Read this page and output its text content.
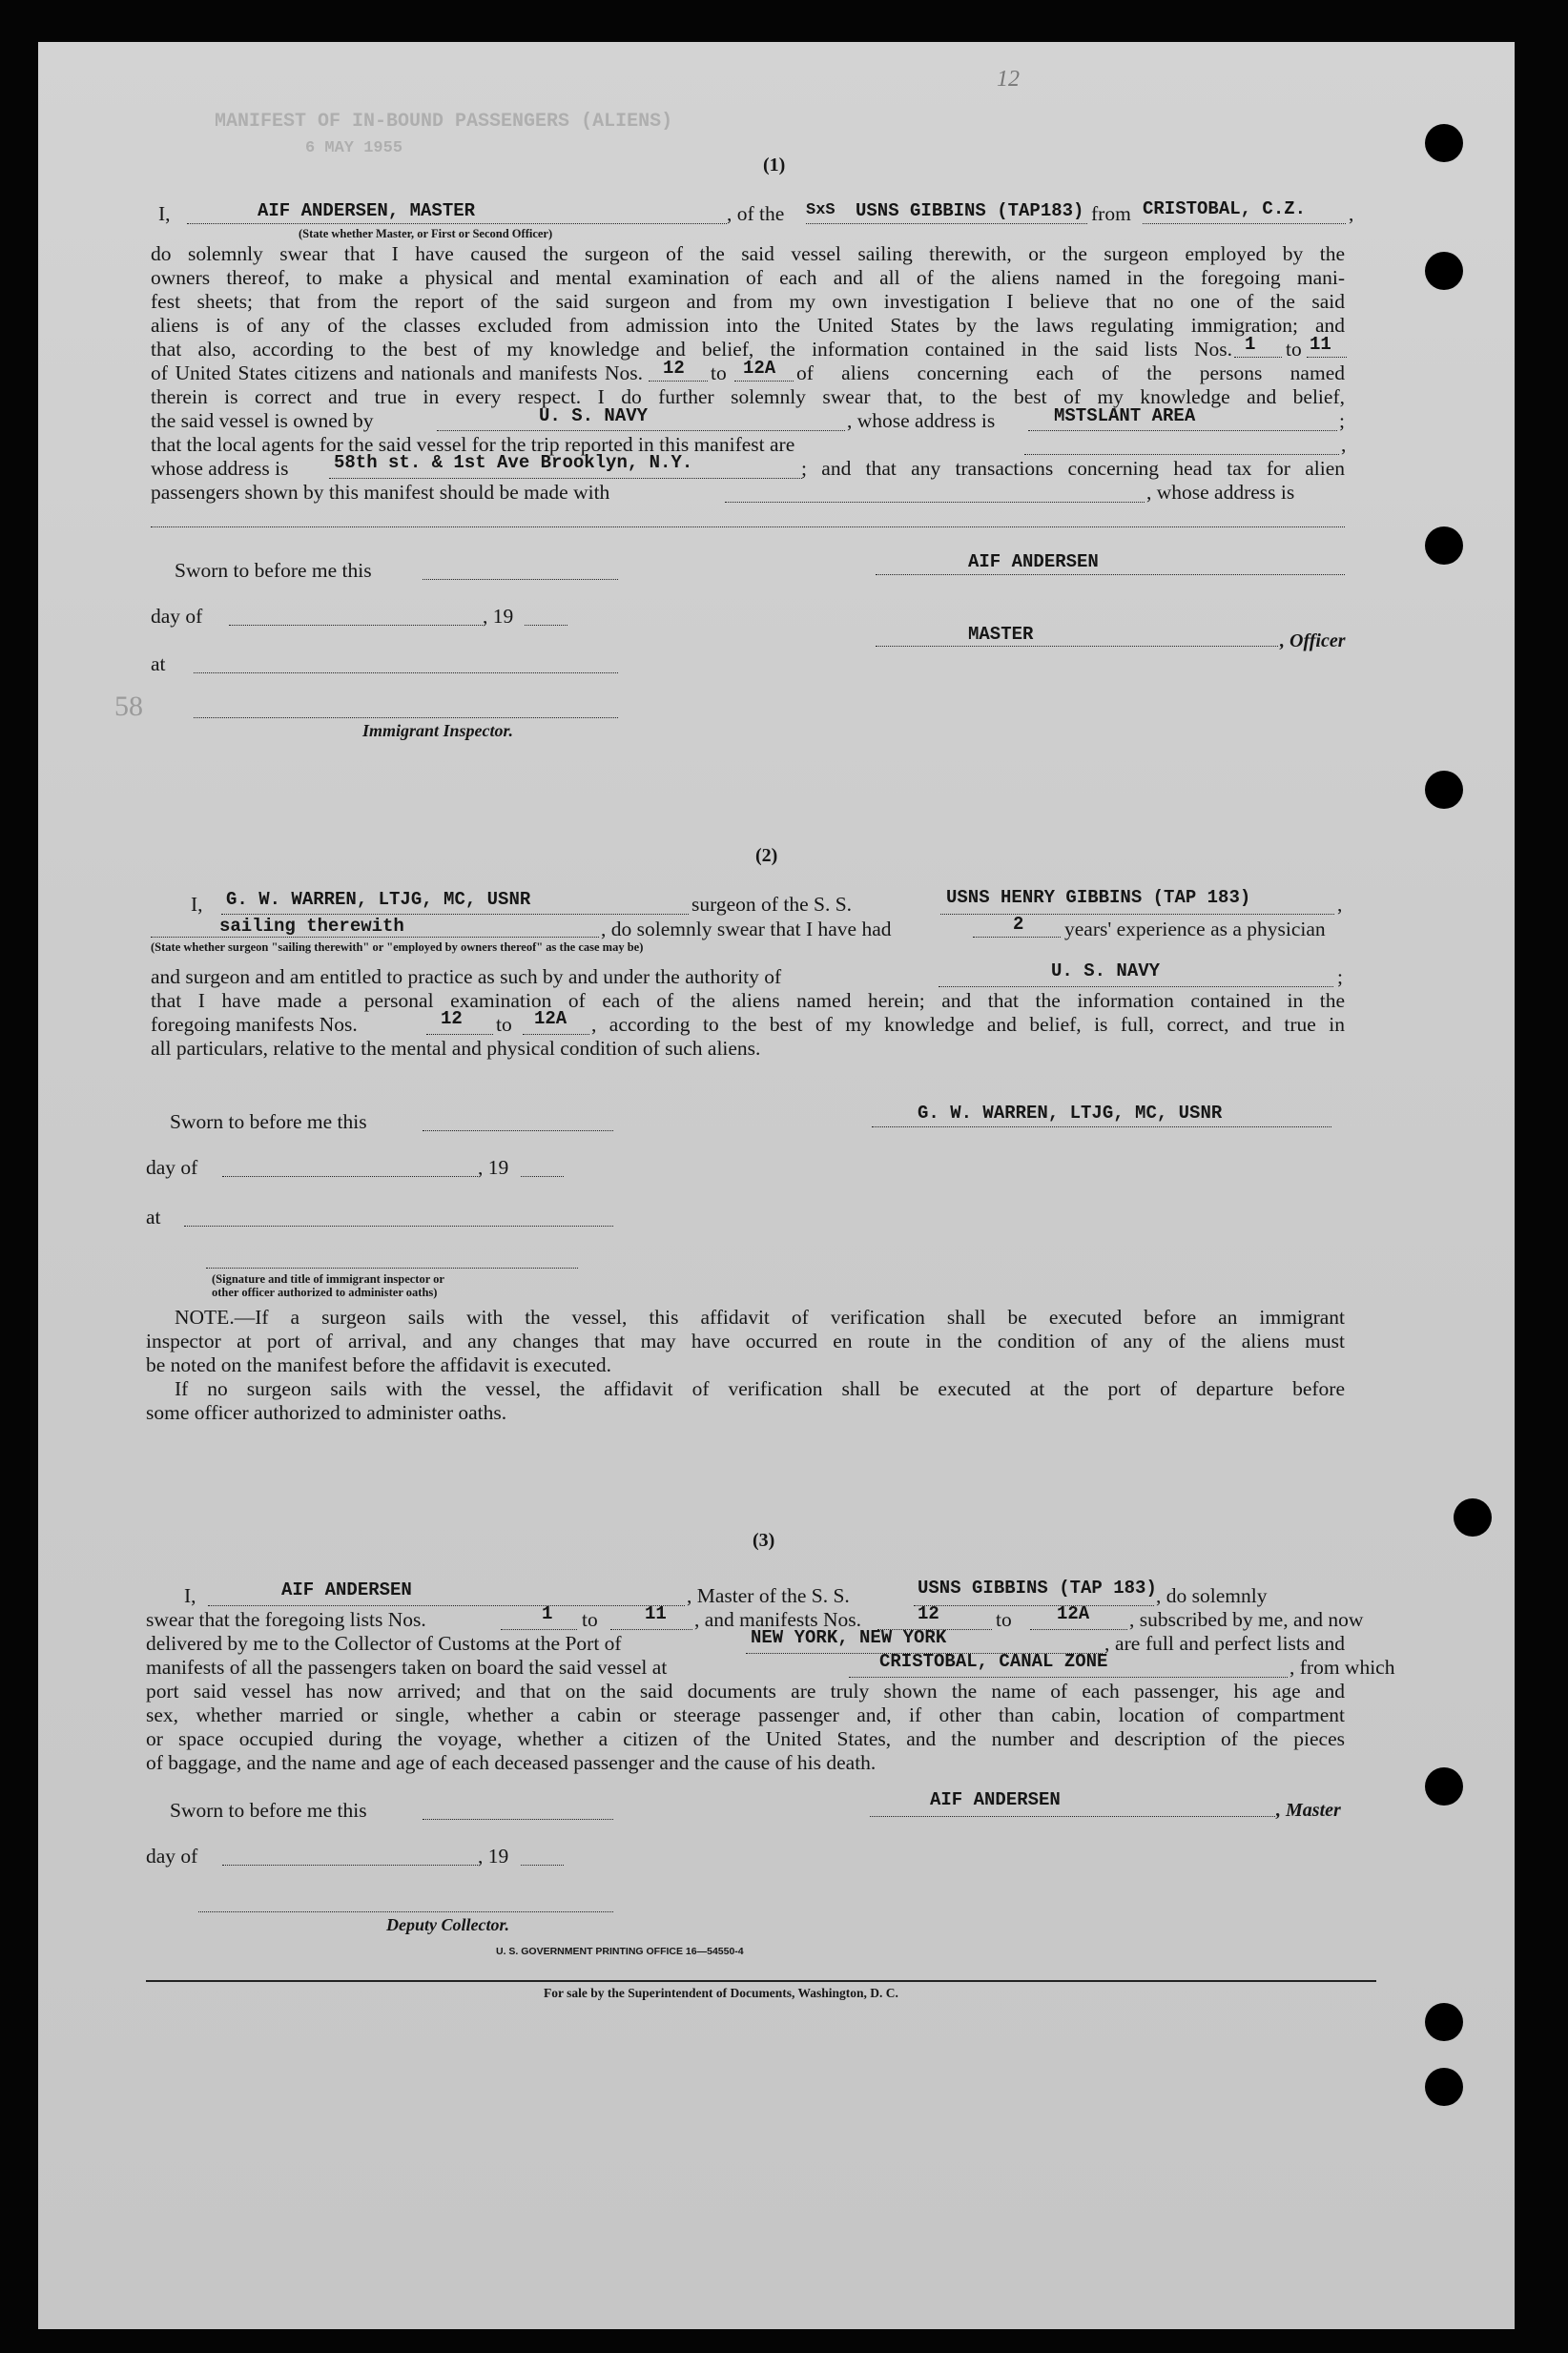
MANIFEST OF IN-BOUND PASSENGERS (ALIENS)
6 MAY 1955
12
58
(1)
I,	AIF ANDERSEN, MASTER
(State whether Master, or First or Second Officer)
, of the SxS USNS GIBBINS (TAP183) from CRISTOBAL, C.Z. ,
do solemnly swear that I have caused the surgeon of the said vessel sailing therewith, or the surgeon employed by the
owners thereof, to make a physical and mental examination of each and all of the aliens named in the foregoing mani-
fest sheets; that from the report of the said surgeon and from my own investigation I believe that no one of the said
aliens is of any of the classes excluded from admission into the United States by the laws regulating immigration; and
that also, according to the best of my knowledge and belief, the information contained in the said lists Nos. 1 to 11
of United States citizens and nationals and manifests Nos. 12 to 12A of aliens concerning each of the persons named
therein is correct and true in every respect. I do further solemnly swear that, to the best of my knowledge and belief,
the said vessel is owned by	U. S. NAVY	, whose address is	MSTSLANT AREA	;
that the local agents for the said vessel for the trip reported in this manifest are	,
whose address is 58th st. & 1st Ave Brooklyn, N.Y.	; and that any transactions concerning head tax for alien
passengers shown by this manifest should be made with	, whose address is
Sworn to before me this
day of	, 19
at
Immigrant Inspector.
AIF ANDERSEN
MASTER	, Officer
(2)
I, G. W. WARREN, LTJG, MC, USNR	surgeon of the S. S.	USNS HENRY GIBBINS (TAP 183)	,
sailing therewith	, do solemnly swear that I have had	2 years' experience as a physician
(State whether surgeon "sailing therewith" or "employed by owners thereof" as the case may be)
and surgeon and am entitled to practice as such by and under the authority of	U. S. NAVY	;
that I have made a personal examination of each of the aliens named herein; and that the information contained in the
foregoing manifests Nos.	12 to 12A , according to the best of my knowledge and belief, is full, correct, and true in
all particulars, relative to the mental and physical condition of such aliens.
Sworn to before me this
day of	, 19
at
(Signature and title of immigrant inspector or
other officer authorized to administer oaths)
G. W. WARREN, LTJG, MC, USNR
NOTE.—If a surgeon sails with the vessel, this affidavit of verification shall be executed before an immigrant
inspector at port of arrival, and any changes that may have occurred en route in the condition of any of the aliens must
be noted on the manifest before the affidavit is executed.
If no surgeon sails with the vessel, the affidavit of verification shall be executed at the port of departure before
some officer authorized to administer oaths.
(3)
I,	AIF ANDERSEN	, Master of the S. S.	USNS GIBBINS (TAP 183) , do solemnly
swear that the foregoing lists Nos.	1 to	11 , and manifests Nos.	12	to 12A , subscribed by me, and now
delivered by me to the Collector of Customs at the Port of	NEW YORK, NEW YORK	, are full and perfect lists and
manifests of all the passengers taken on board the said vessel at	CRISTOBAL, CANAL ZONE	, from which
port said vessel has now arrived; and that on the said documents are truly shown the name of each passenger, his age and
sex, whether married or single, whether a cabin or steerage passenger and, if other than cabin, location of compartment
or space occupied during the voyage, whether a citizen of the United States, and the number and description of the pieces
of baggage, and the name and age of each deceased passenger and the cause of his death.
Sworn to before me this
day of	, 19
Deputy Collector.
AIF ANDERSEN	, Master
U. S. GOVERNMENT PRINTING OFFICE 16—54550-4
For sale by the Superintendent of Documents, Washington, D. C.
